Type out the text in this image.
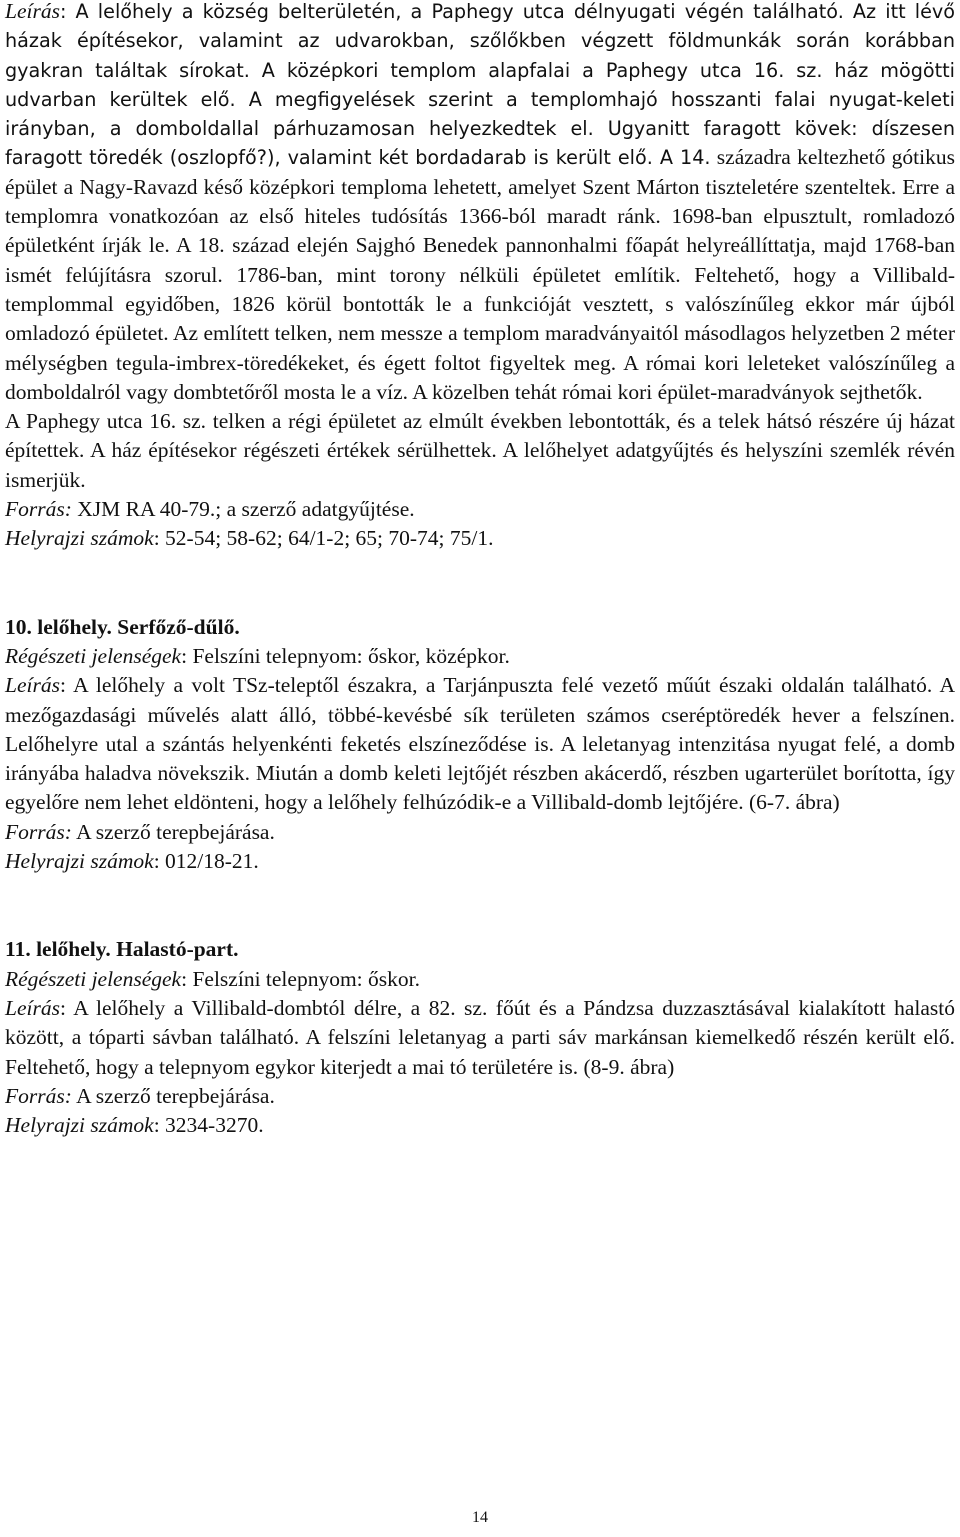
Leírás: A lelőhely a község belterületén, a Paphegy utca délnyugati végén található. Az itt lévő házak építésekor, valamint az udvarokban, szőlőkben végzett földmunkák során korábban gyakran találtak sírokat. A középkori templom alapfalai a Paphegy utca 16. sz. ház mögötti udvarban kerültek elő. A megfigyelések szerint a templomhajó hosszanti falai nyugat-keleti irányban, a domboldallal párhuzamosan helyezkedtek el. Ugyanitt faragott kövek: díszesen faragott töredék (oszlopfő?), valamint két bordadarab is került elő. A 14. századra keltezhető gótikus épület a Nagy-Ravazd késő középkori temploma lehetett, amelyet Szent Márton tiszteletére szenteltek. Erre a templomra vonatkozóan az első hiteles tudósítás 1366-ból maradt ránk. 1698-ban elpusztult, romladozó épületként írják le. A 18. század elején Sajghó Benedek pannonhalmi főapát helyreállíttatja, majd 1768-ban ismét felújításra szorul. 1786-ban, mint torony nélküli épületet említik. Feltehető, hogy a Villibald-templommal egyidőben, 1826 körül bontották le a funkcióját vesztett, s valószínűleg ekkor már újból omladozó épületet. Az említett telken, nem messze a templom maradványaitól másodlagos helyzetben 2 méter mélységben tegula-imbrex-töredékeket, és égett foltot figyeltek meg. A római kori leleteket valószínűleg a domboldalról vagy dombtetőről mosta le a víz. A közelben tehát római kori épület-maradványok sejthetők.

A Paphegy utca 16. sz. telken a régi épületet az elmúlt években lebontották, és a telek hátsó részére új házat építettek. A ház építésekor régészeti értékek sérülhettek. A lelőhelyet adatgyűjtés és helyszíni szemlék révén ismerjük.

Forrás: XJM RA 40-79.; a szerző adatgyűjtése.

Helyrajzi számok: 52-54; 58-62; 64/1-2; 65; 70-74; 75/1.

10. lelőhely. Serfőző-dűlő.

Régészeti jelenségek: Felszíni telepnyom: őskor, középkor.

Leírás: A lelőhely a volt TSz-teleptől északra, a Tarjánpuszta felé vezető műút északi oldalán található. A mezőgazdasági művelés alatt álló, többé-kevésbé sík területen számos cseréptöredék hever a felszínen. Lelőhelyre utal a szántás helyenkénti feketés elszíneződése is. A leletanyag intenzitása nyugat felé, a domb irányába haladva növekszik. Miután a domb keleti lejtőjét részben akácerdő, részben ugarterület borította, így egyelőre nem lehet eldönteni, hogy a lelőhely felhúzódik-e a Villibald-domb lejtőjére. (6-7. ábra)

Forrás: A szerző terepbejárása.

Helyrajzi számok: 012/18-21.

11. lelőhely. Halastó-part.

Régészeti jelenségek: Felszíni telepnyom: őskor.

Leírás: A lelőhely a Villibald-dombtól délre, a 82. sz. főút és a Pándzsa duzzasztásával kialakított halastó között, a tóparti sávban található. A felszíni leletanyag a parti sáv markánsan kiemelkedő részén került elő. Feltehető, hogy a telepnyom egykor kiterjedt a mai tó területére is. (8-9. ábra)

Forrás: A szerző terepbejárása.

Helyrajzi számok: 3234-3270.

14
